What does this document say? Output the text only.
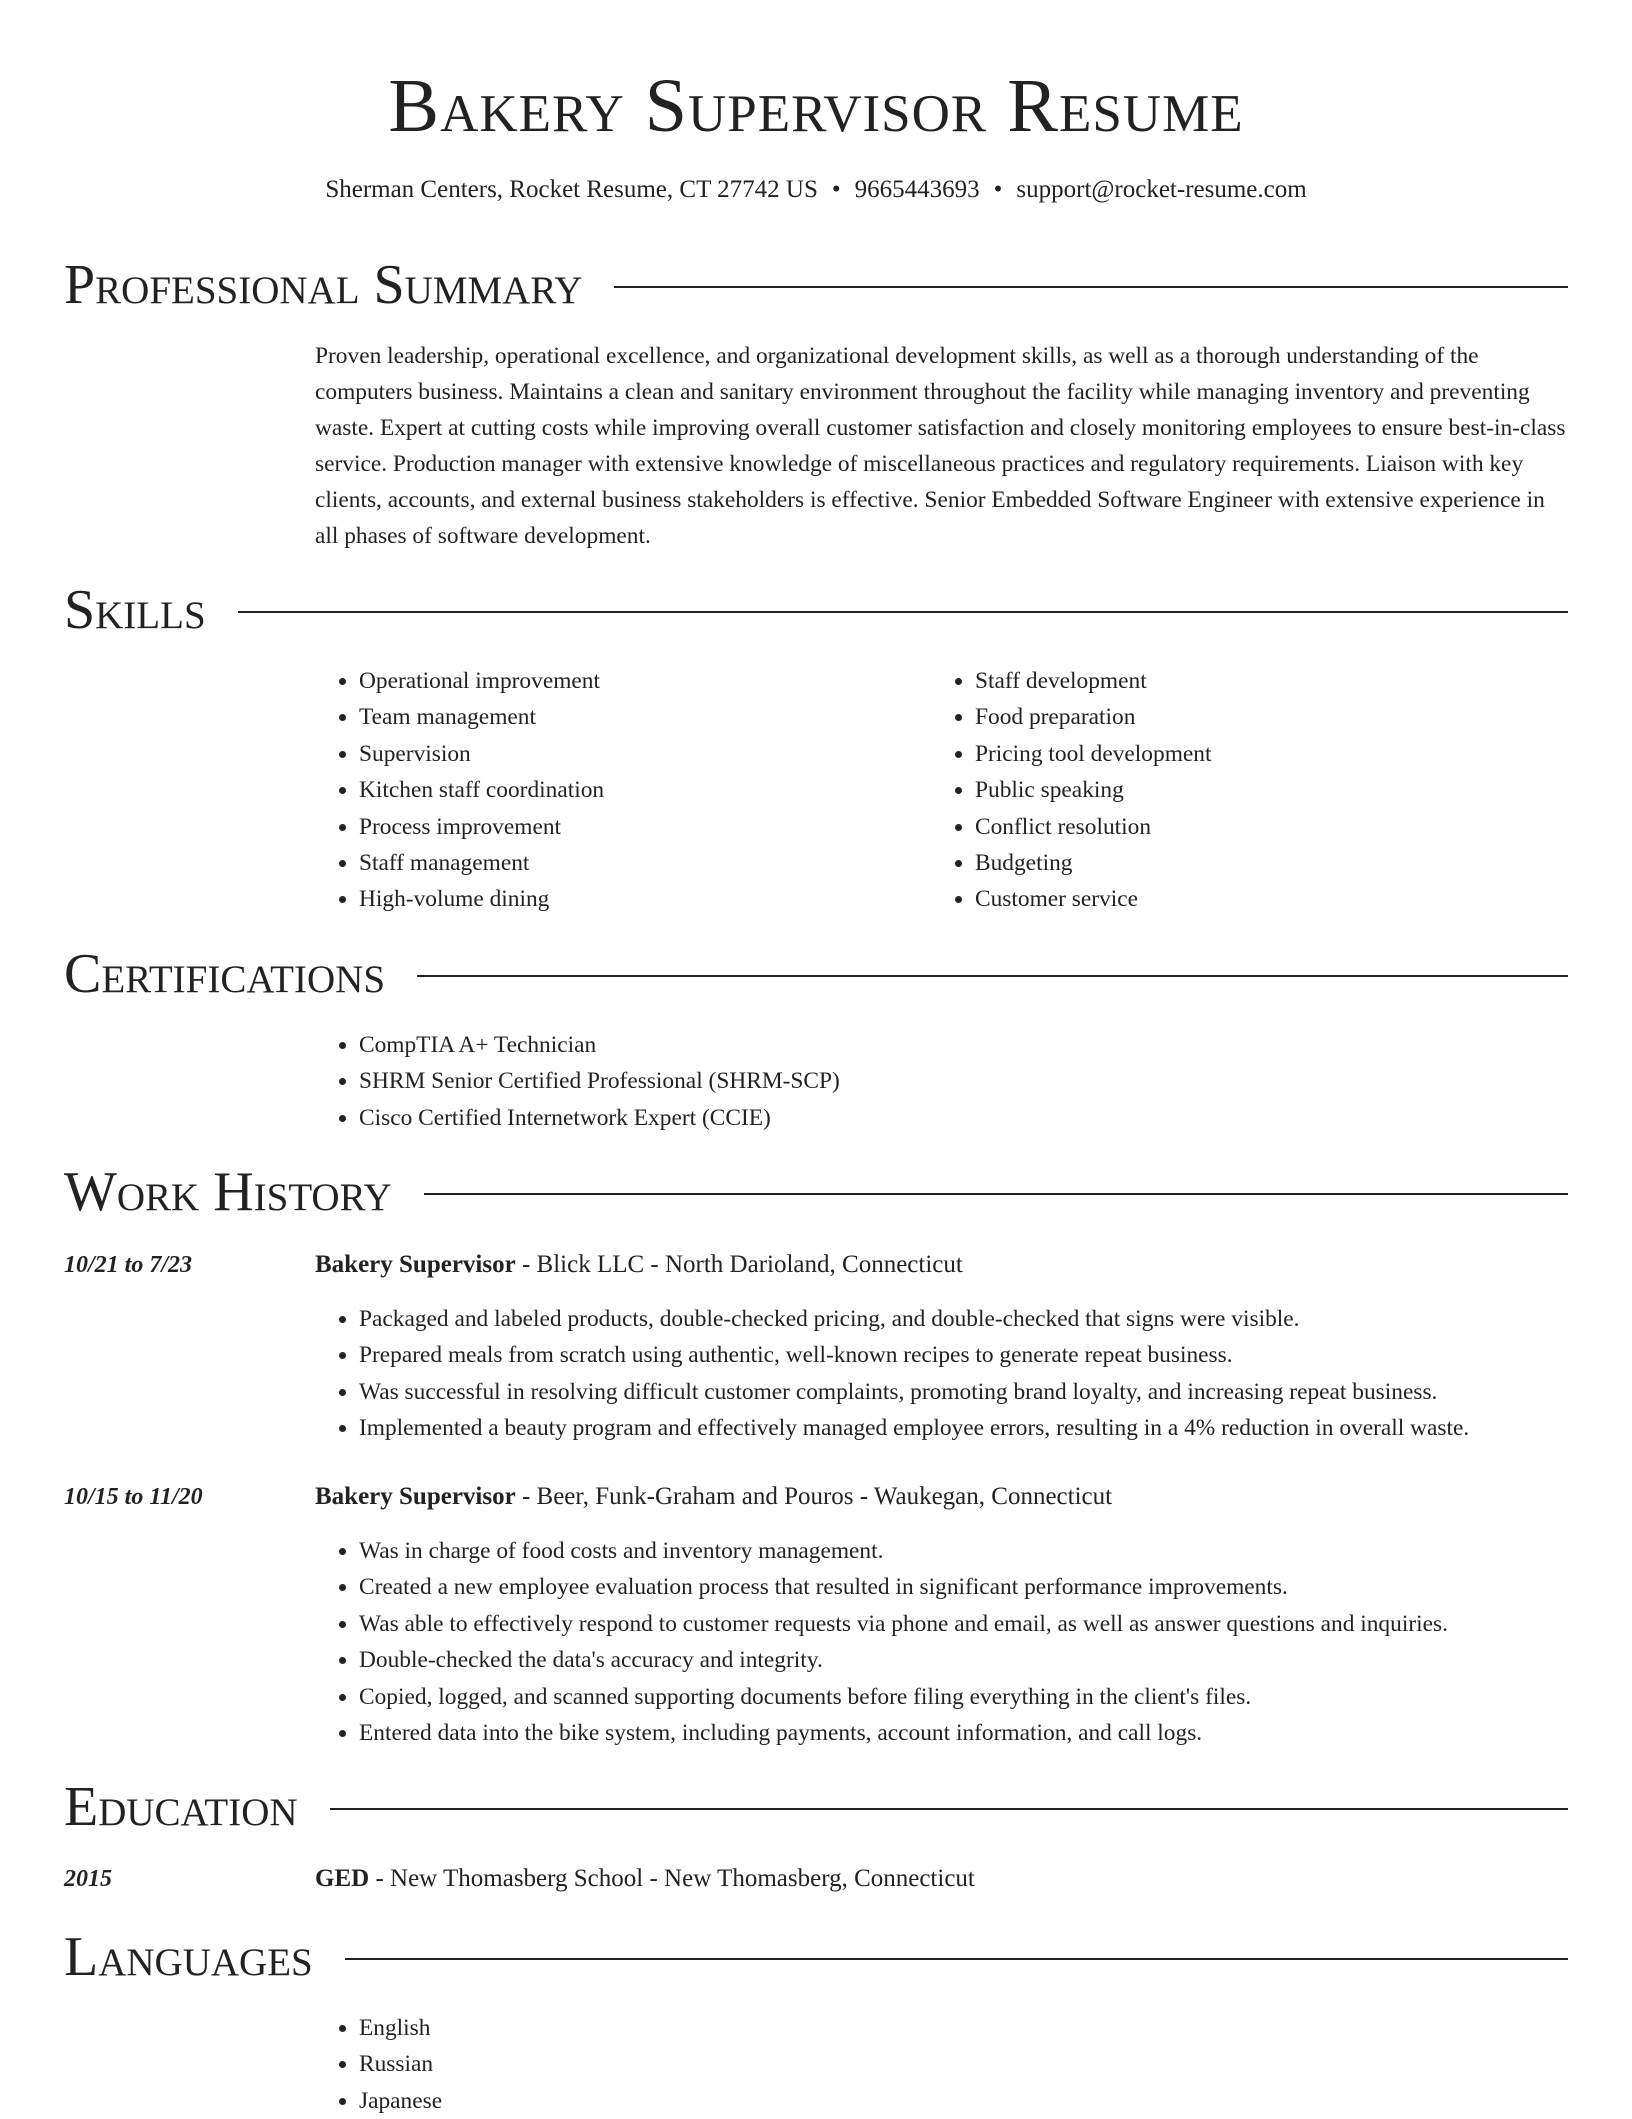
Bakery Supervisor Resume
Sherman Centers, Rocket Resume, CT 27742 US • 9665443693 • support@rocket-resume.com
Professional Summary

Proven leadership, operational excellence, and organizational development skills, as well as a thorough understanding of the computers business. Maintains a clean and sanitary environment throughout the facility while managing inventory and preventing waste. Expert at cutting costs while improving overall customer satisfaction and closely monitoring employees to ensure best-in-class service. Production manager with extensive knowledge of miscellaneous practices and regulatory requirements. Liaison with key clients, accounts, and external business stakeholders is effective. Senior Embedded Software Engineer with extensive experience in all phases of software development.

Skills
• Operational improvement
• Team management
• Supervision
• Kitchen staff coordination
• Process improvement
• Staff management
• High-volume dining
• Staff development
• Food preparation
• Pricing tool development
• Public speaking
• Conflict resolution
• Budgeting
• Customer service
Certifications
• CompTIA A+ Technician
• SHRM Senior Certified Professional (SHRM-SCP)
• Cisco Certified Internetwork Expert (CCIE)
Work History
10/21 to 7/23	Bakery Supervisor - Blick LLC - North Darioland, Connecticut
• Packaged and labeled products, double-checked pricing, and double-checked that signs were visible.
• Prepared meals from scratch using authentic, well-known recipes to generate repeat business.
• Was successful in resolving difficult customer complaints, promoting brand loyalty, and increasing repeat business.
• Implemented a beauty program and effectively managed employee errors, resulting in a 4% reduction in overall waste.
10/15 to 11/20	Bakery Supervisor - Beer, Funk-Graham and Pouros - Waukegan, Connecticut
• Was in charge of food costs and inventory management.
• Created a new employee evaluation process that resulted in significant performance improvements.
• Was able to effectively respond to customer requests via phone and email, as well as answer questions and inquiries.
• Double-checked the data's accuracy and integrity.
• Copied, logged, and scanned supporting documents before filing everything in the client's files.
• Entered data into the bike system, including payments, account information, and call logs.
Education
2015	GED - New Thomasberg School - New Thomasberg, Connecticut
Languages
• English
• Russian
• Japanese
